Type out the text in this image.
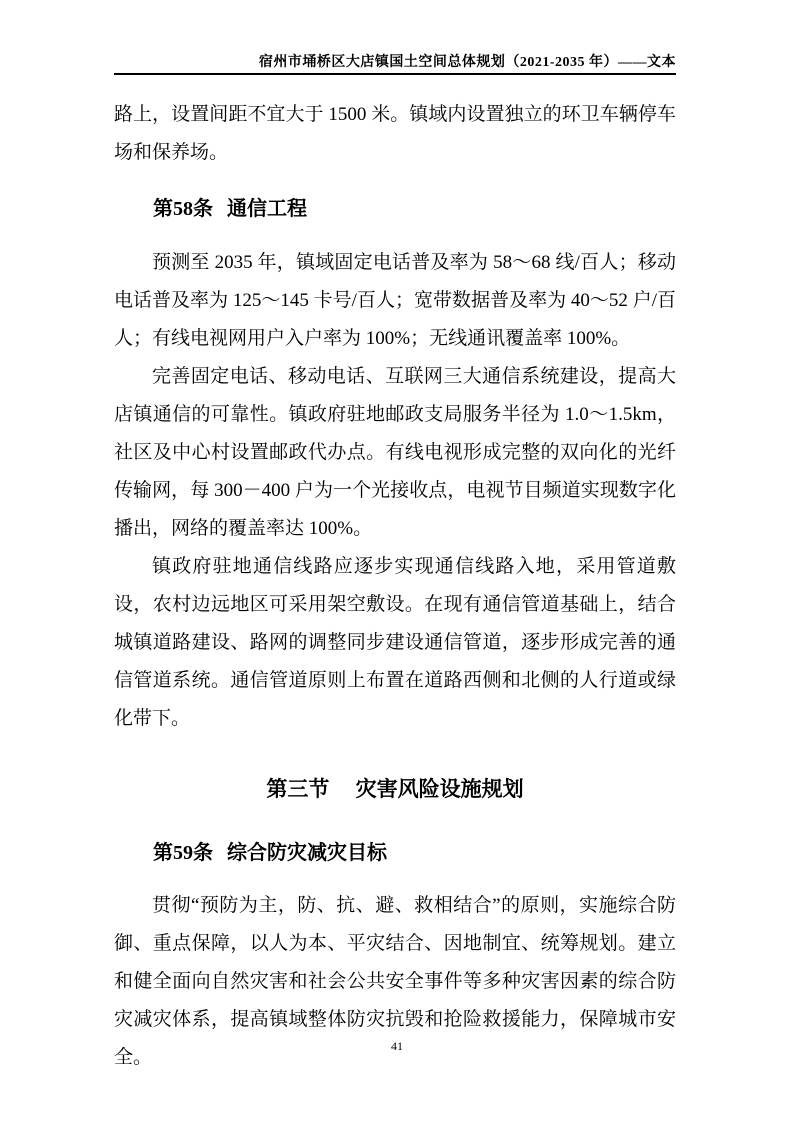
宿州市埇桥区大店镇国土空间总体规划（2021-2035 年）——文本

路上，设置间距不宜大于 1500 米。镇域内设置独立的环卫车辆停车场和保养场。

第58条 通信工程

预测至 2035 年，镇域固定电话普及率为 58～68 线/百人；移动电话普及率为 125～145 卡号/百人；宽带数据普及率为 40～52 户/百人；有线电视网用户入户率为 100%；无线通讯覆盖率 100%。

完善固定电话、移动电话、互联网三大通信系统建设，提高大店镇通信的可靠性。镇政府驻地邮政支局服务半径为 1.0～1.5km，社区及中心村设置邮政代办点。有线电视形成完整的双向化的光纤传输网，每 300－400 户为一个光接收点，电视节目频道实现数字化播出，网络的覆盖率达 100%。

镇政府驻地通信线路应逐步实现通信线路入地，采用管道敷设，农村边远地区可采用架空敷设。在现有通信管道基础上，结合城镇道路建设、路网的调整同步建设通信管道，逐步形成完善的通信管道系统。通信管道原则上布置在道路西侧和北侧的人行道或绿化带下。

第三节 灾害风险设施规划
第59条 综合防灾减灾目标

贯彻“预防为主，防、抗、避、救相结合”的原则，实施综合防御、重点保障，以人为本、平灾结合、因地制宜、统筹规划。建立和健全面向自然灾害和社会公共安全事件等多种灾害因素的综合防灾减灾体系，提高镇域整体防灾抗毁和抢险救援能力，保障城市安全。

41
